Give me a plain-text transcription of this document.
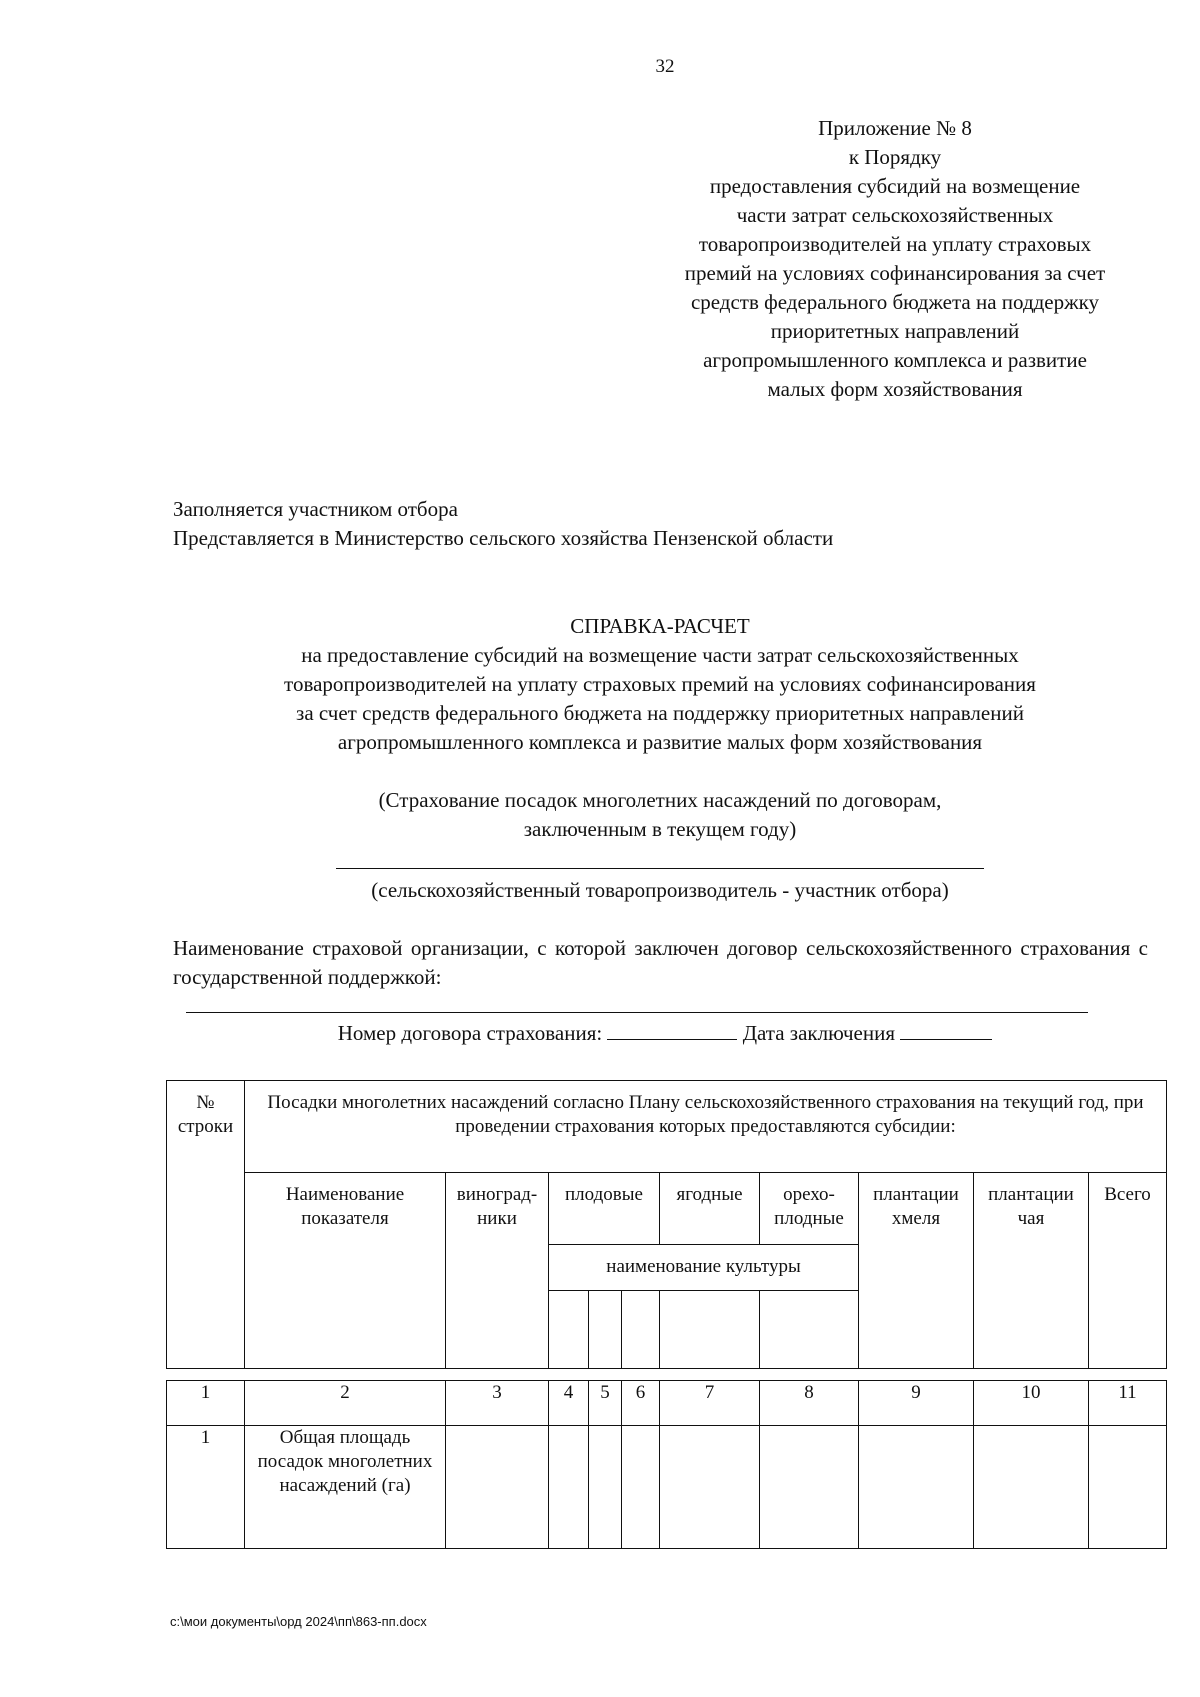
32
Приложение № 8
к Порядку
предоставления субсидий на возмещение
части затрат сельскохозяйственных
товаропроизводителей на уплату страховых
премий на условиях софинансирования за счет
средств федерального бюджета на поддержку
приоритетных направлений
агропромышленного комплекса и развитие
малых форм хозяйствования
Заполняется участником отбора
Представляется в Министерство сельского хозяйства Пензенской области
СПРАВКА-РАСЧЕТ
на предоставление субсидий на возмещение части затрат сельскохозяйственных
товаропроизводителей на уплату страховых премий на условиях софинансирования
за счет средств федерального бюджета на поддержку приоритетных направлений
агропромышленного комплекса и развитие малых форм хозяйствования
(Страхование посадок многолетних насаждений по договорам,
заключенным в текущем году)
(сельскохозяйственный товаропроизводитель - участник отбора)
Наименование страховой организации, с которой заключен договор сельскохозяйственного страхования с государственной поддержкой:
Номер договора страхования:	Дата заключения
№ строки	Посадки многолетних насаждений согласно Плану сельскохозяйственного страхования на текущий год, при проведении страхования которых предоставляются субсидии:									
	Наименование показателя	виноград-ники	плодовые			ягодные	орехо-плодные	плантации хмеля	плантации чая	Всего
			наименование культуры							

1	2	3	4	5	6	7	8	9	10	11
1	Общая площадь посадок многолетних насаждений (га)									
c:\мои документы\орд 2024\пп\863-пп.docx
